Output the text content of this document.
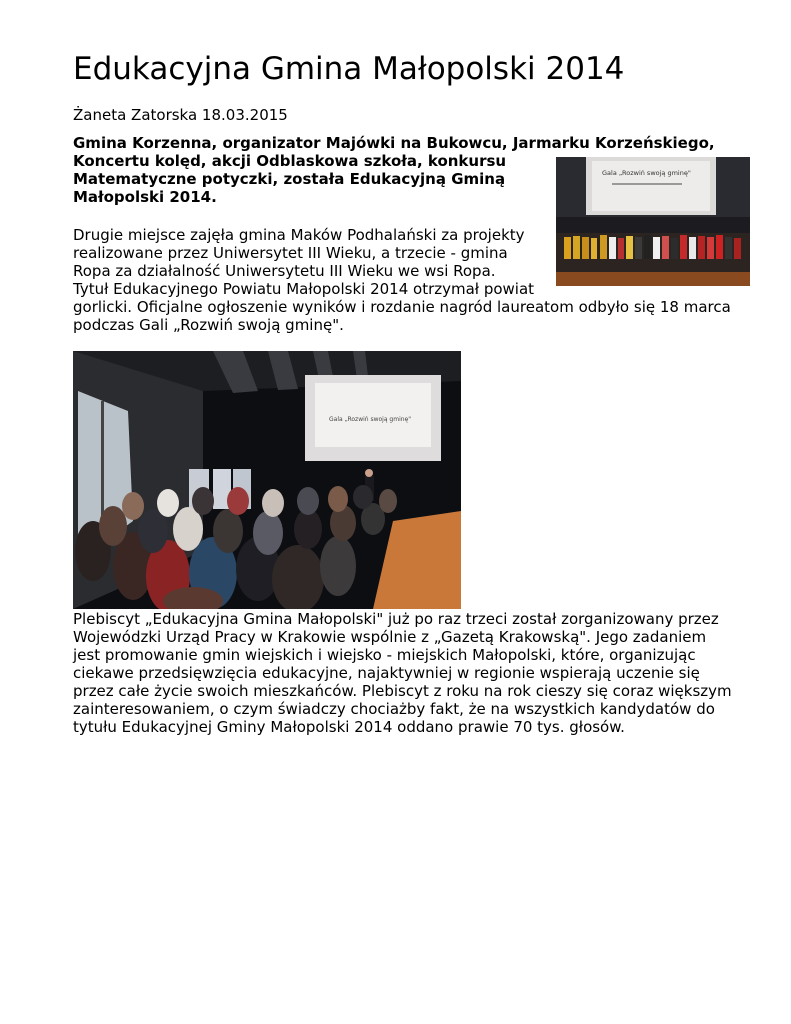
Edukacyjna Gmina Małopolski 2014
Żaneta Zatorska 18.03.2015
Gmina Korzenna, organizator Majówki na Bukowcu, Jarmarku Korzeńskiego,
Koncertu kolęd, akcji Odblaskowa szkoła, konkursu
Matematyczne potyczki, została Edukacyjną Gminą
Małopolski 2014.
Gala „Rozwiń swoją gminę"
Drugie miejsce zajęła gmina Maków Podhalański za projekty
realizowane przez Uniwersytet III Wieku, a trzecie - gmina
Ropa za działalność Uniwersytetu III Wieku we wsi Ropa.
Tytuł Edukacyjnego Powiatu Małopolski 2014 otrzymał powiat
gorlicki. Oficjalne ogłoszenie wyników i rozdanie nagród laureatom odbyło się 18 marca
podczas Gali „Rozwiń swoją gminę".
Gala „Rozwiń swoją gminę"
Plebiscyt „Edukacyjna Gmina Małopolski" już po raz trzeci został zorganizowany przez
Wojewódzki Urząd Pracy w Krakowie wspólnie z „Gazetą Krakowską". Jego zadaniem
jest promowanie gmin wiejskich i wiejsko - miejskich Małopolski, które, organizując
ciekawe przedsięwzięcia edukacyjne, najaktywniej w regionie wspierają uczenie się
przez całe życie swoich mieszkańców. Plebiscyt z roku na rok cieszy się coraz większym
zainteresowaniem, o czym świadczy chociażby fakt, że na wszystkich kandydatów do
tytułu Edukacyjnej Gminy Małopolski 2014 oddano prawie 70 tys. głosów.
